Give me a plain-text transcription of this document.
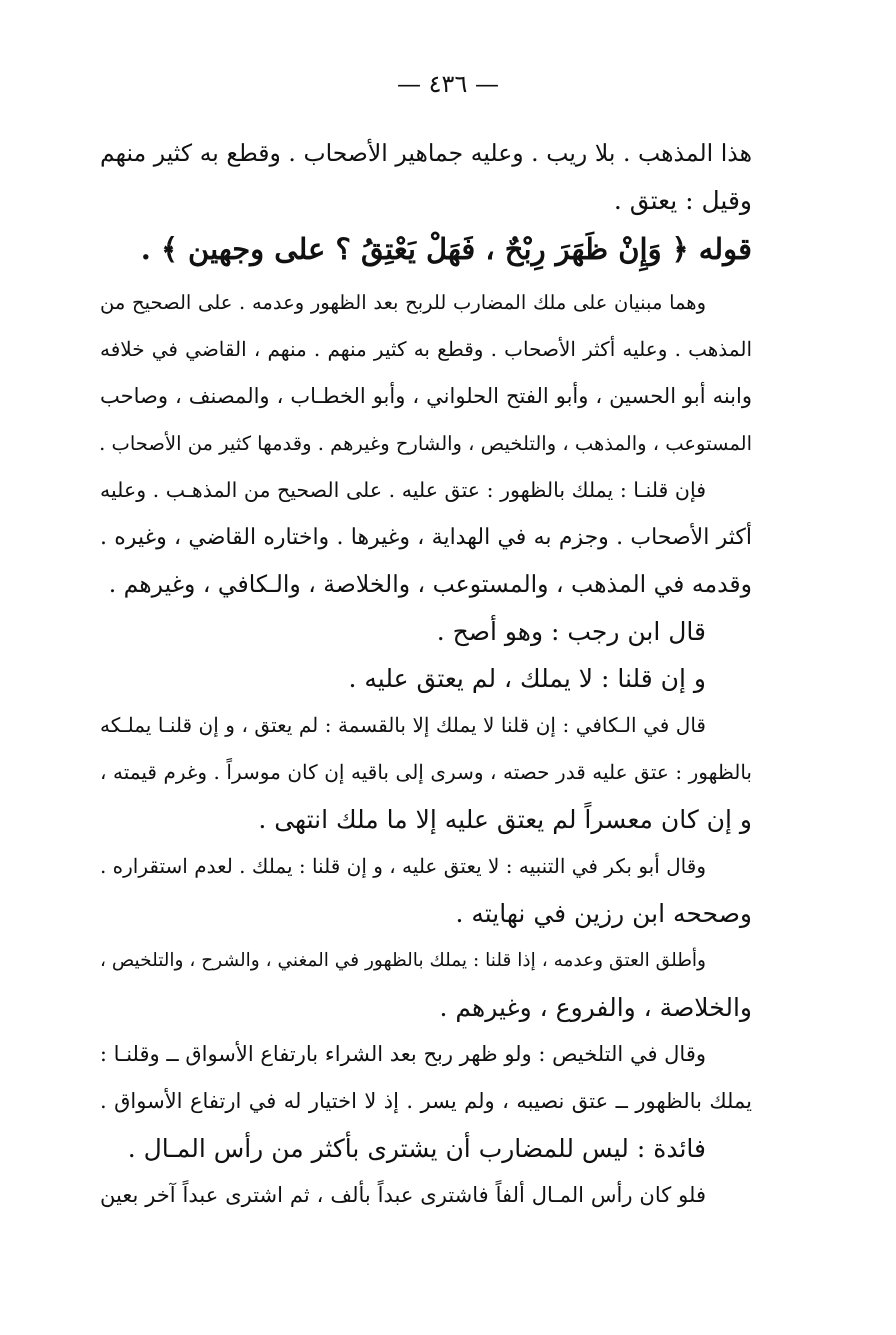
— ٤٣٦ —
هذا المذهب . بلا ريب . وعليه جماهير الأصحاب . وقطع به كثير منهم
وقيل : يعتق .
قوله ﴿ وَإِنْ ظَهَرَ رِبْحٌ ، فَهَلْ يَعْتِقُ ؟ على وجهين ﴾ .
وهما مبنيان على ملك المضارب للربح بعد الظهور وعدمه . على الصحيح من
المذهب . وعليه أكثر الأصحاب . وقطع به كثير منهم . منهم ، القاضي في خلافه
وابنه أبو الحسين ، وأبو الفتح الحلواني ، وأبو الخطـاب ، والمصنف ، وصاحب
المستوعب ، والمذهب ، والتلخيص ، والشارح وغيرهم . وقدمها كثير من الأصحاب .
فإن قلنـا : يملك بالظهور : عتق عليه . على الصحيح من المذهـب . وعليه
أكثر الأصحاب . وجزم به في الهداية ، وغيرها . واختاره القاضي ، وغيره .
وقدمه في المذهب ، والمستوعب ، والخلاصة ، والـكافي ، وغيرهم .
قال ابن رجب : وهو أصح .
و إن قلنا : لا يملك ، لم يعتق عليه .
قال في الـكافي : إن قلنا لا يملك إلا بالقسمة : لم يعتق ، و إن قلنـا يملـكه
بالظهور : عتق عليه قدر حصته ، وسرى إلى باقيه إن كان موسراً . وغرم قيمته ،
و إن كان معسراً لم يعتق عليه إلا ما ملك انتهى .
وقال أبو بكر في التنبيه : لا يعتق عليه ، و إن قلنا : يملك . لعدم استقراره .
وصححه ابن رزين في نهايته .
وأطلق العتق وعدمه ، إذا قلنا : يملك بالظهور في المغني ، والشرح ، والتلخيص ،
والخلاصة ، والفروع ، وغيرهم .
وقال في التلخيص : ولو ظهر ربح بعد الشراء بارتفاع الأسواق ــ وقلنـا :
يملك بالظهور ــ عتق نصيبه ، ولم يسر . إذ لا اختيار له في ارتفاع الأسواق .
فائدة : ليس للمضارب أن يشترى بأكثر من رأس المـال .
فلو كان رأس المـال ألفاً فاشترى عبداً بألف ، ثم اشترى عبداً آخر بعين
